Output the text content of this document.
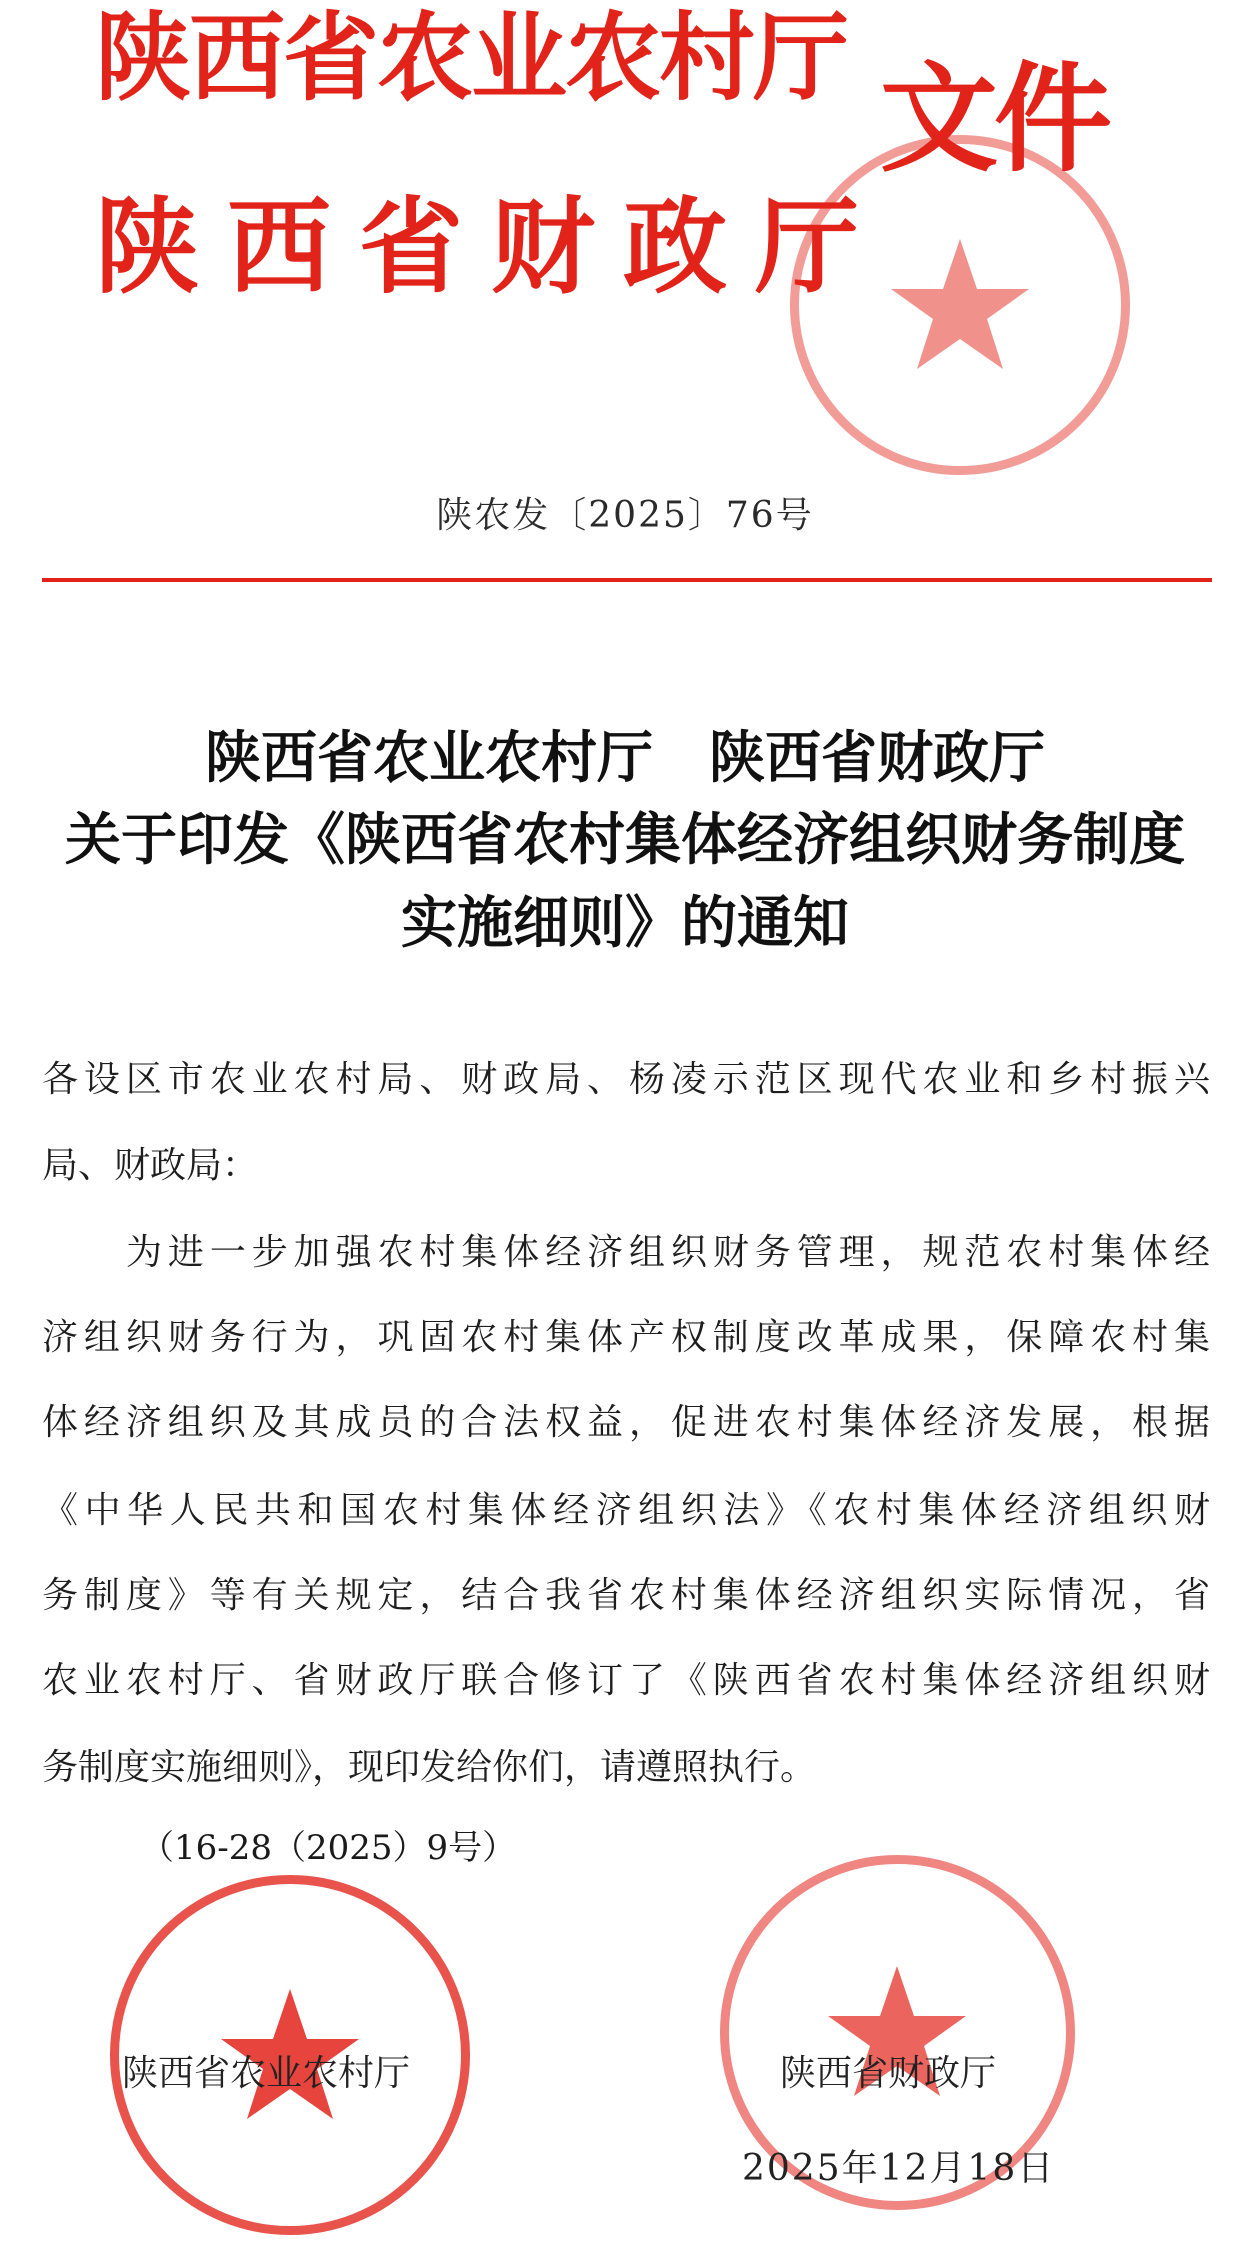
陕西省农业农村厅
陕西省财政厅
文件
陕农发〔2025〕76号
陕西省农业农村厅　陕西省财政厅
关于印发《陕西省农村集体经济组织财务制度
实施细则》的通知
各设区市农业农村局、财政局、杨凌示范区现代农业和乡村振兴
局、财政局：
为进一步加强农村集体经济组织财务管理，规范农村集体经
济组织财务行为，巩固农村集体产权制度改革成果，保障农村集
体经济组织及其成员的合法权益，促进农村集体经济发展，根据
《中华人民共和国农村集体经济组织法》《农村集体经济组织财
务制度》等有关规定，结合我省农村集体经济组织实际情况，省
农业农村厅、省财政厅联合修订了《陕西省农村集体经济组织财
务制度实施细则》，现印发给你们，请遵照执行。
（16-28（2025）9号）
陕西省农业农村厅	陕西省财政厅
2025年12月18日
